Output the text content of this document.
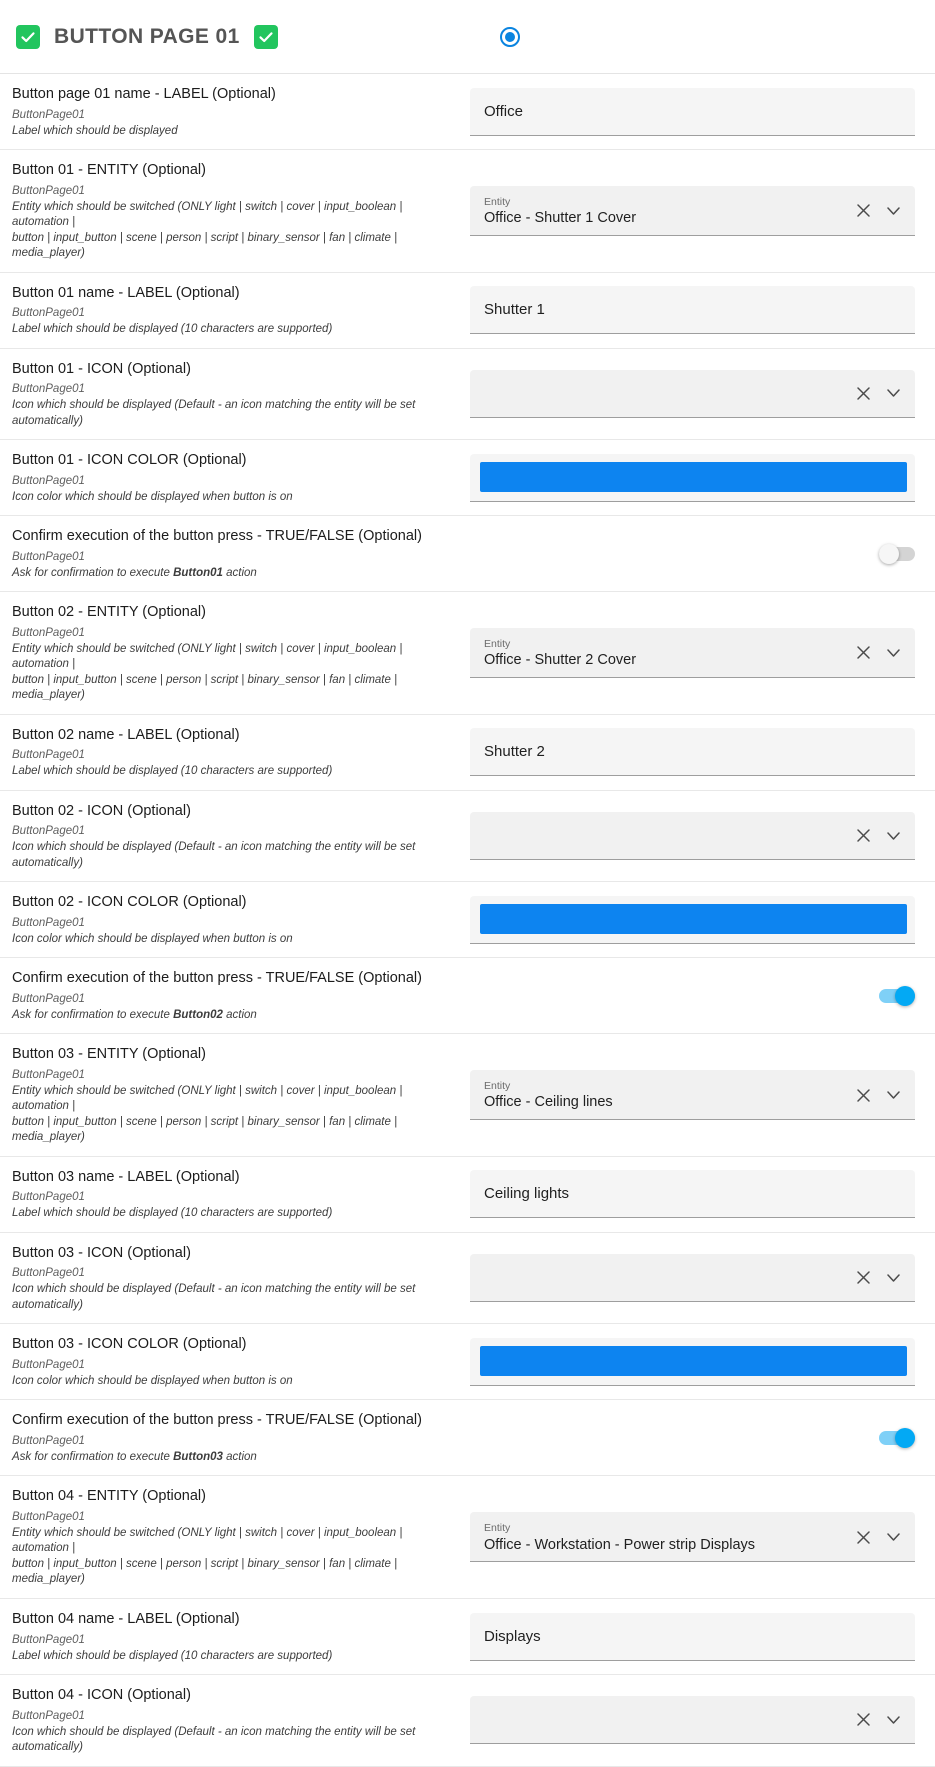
BUTTON PAGE 01
Button page 01 name - LABEL (Optional)
ButtonPage01
Label which should be displayed
Office
Button 01 - ENTITY (Optional)
ButtonPage01
Entity which should be switched (ONLY light | switch | cover | input_boolean | automation |
button | input_button | scene | person | script | binary_sensor | fan | climate | media_player)
Entity
Office - Shutter 1 Cover
Button 01 name - LABEL (Optional)
ButtonPage01
Label which should be displayed (10 characters are supported)
Shutter 1
Button 01 - ICON (Optional)
ButtonPage01
Icon which should be displayed (Default - an icon matching the entity will be set
automatically)
Button 01 - ICON COLOR (Optional)
ButtonPage01
Icon color which should be displayed when button is on
Confirm execution of the button press - TRUE/FALSE (Optional)
ButtonPage01
Ask for confirmation to execute Button01 action
Button 02 - ENTITY (Optional)
ButtonPage01
Entity which should be switched (ONLY light | switch | cover | input_boolean | automation |
button | input_button | scene | person | script | binary_sensor | fan | climate | media_player)
Entity
Office - Shutter 2 Cover
Button 02 name - LABEL (Optional)
ButtonPage01
Label which should be displayed (10 characters are supported)
Shutter 2
Button 02 - ICON (Optional)
ButtonPage01
Icon which should be displayed (Default - an icon matching the entity will be set
automatically)
Button 02 - ICON COLOR (Optional)
ButtonPage01
Icon color which should be displayed when button is on
Confirm execution of the button press - TRUE/FALSE (Optional)
ButtonPage01
Ask for confirmation to execute Button02 action
Button 03 - ENTITY (Optional)
ButtonPage01
Entity which should be switched (ONLY light | switch | cover | input_boolean | automation |
button | input_button | scene | person | script | binary_sensor | fan | climate | media_player)
Entity
Office - Ceiling lines
Button 03 name - LABEL (Optional)
ButtonPage01
Label which should be displayed (10 characters are supported)
Ceiling lights
Button 03 - ICON (Optional)
ButtonPage01
Icon which should be displayed (Default - an icon matching the entity will be set
automatically)
Button 03 - ICON COLOR (Optional)
ButtonPage01
Icon color which should be displayed when button is on
Confirm execution of the button press - TRUE/FALSE (Optional)
ButtonPage01
Ask for confirmation to execute Button03 action
Button 04 - ENTITY (Optional)
ButtonPage01
Entity which should be switched (ONLY light | switch | cover | input_boolean | automation |
button | input_button | scene | person | script | binary_sensor | fan | climate | media_player)
Entity
Office - Workstation - Power strip Displays
Button 04 name - LABEL (Optional)
ButtonPage01
Label which should be displayed (10 characters are supported)
Displays
Button 04 - ICON (Optional)
ButtonPage01
Icon which should be displayed (Default - an icon matching the entity will be set
automatically)
